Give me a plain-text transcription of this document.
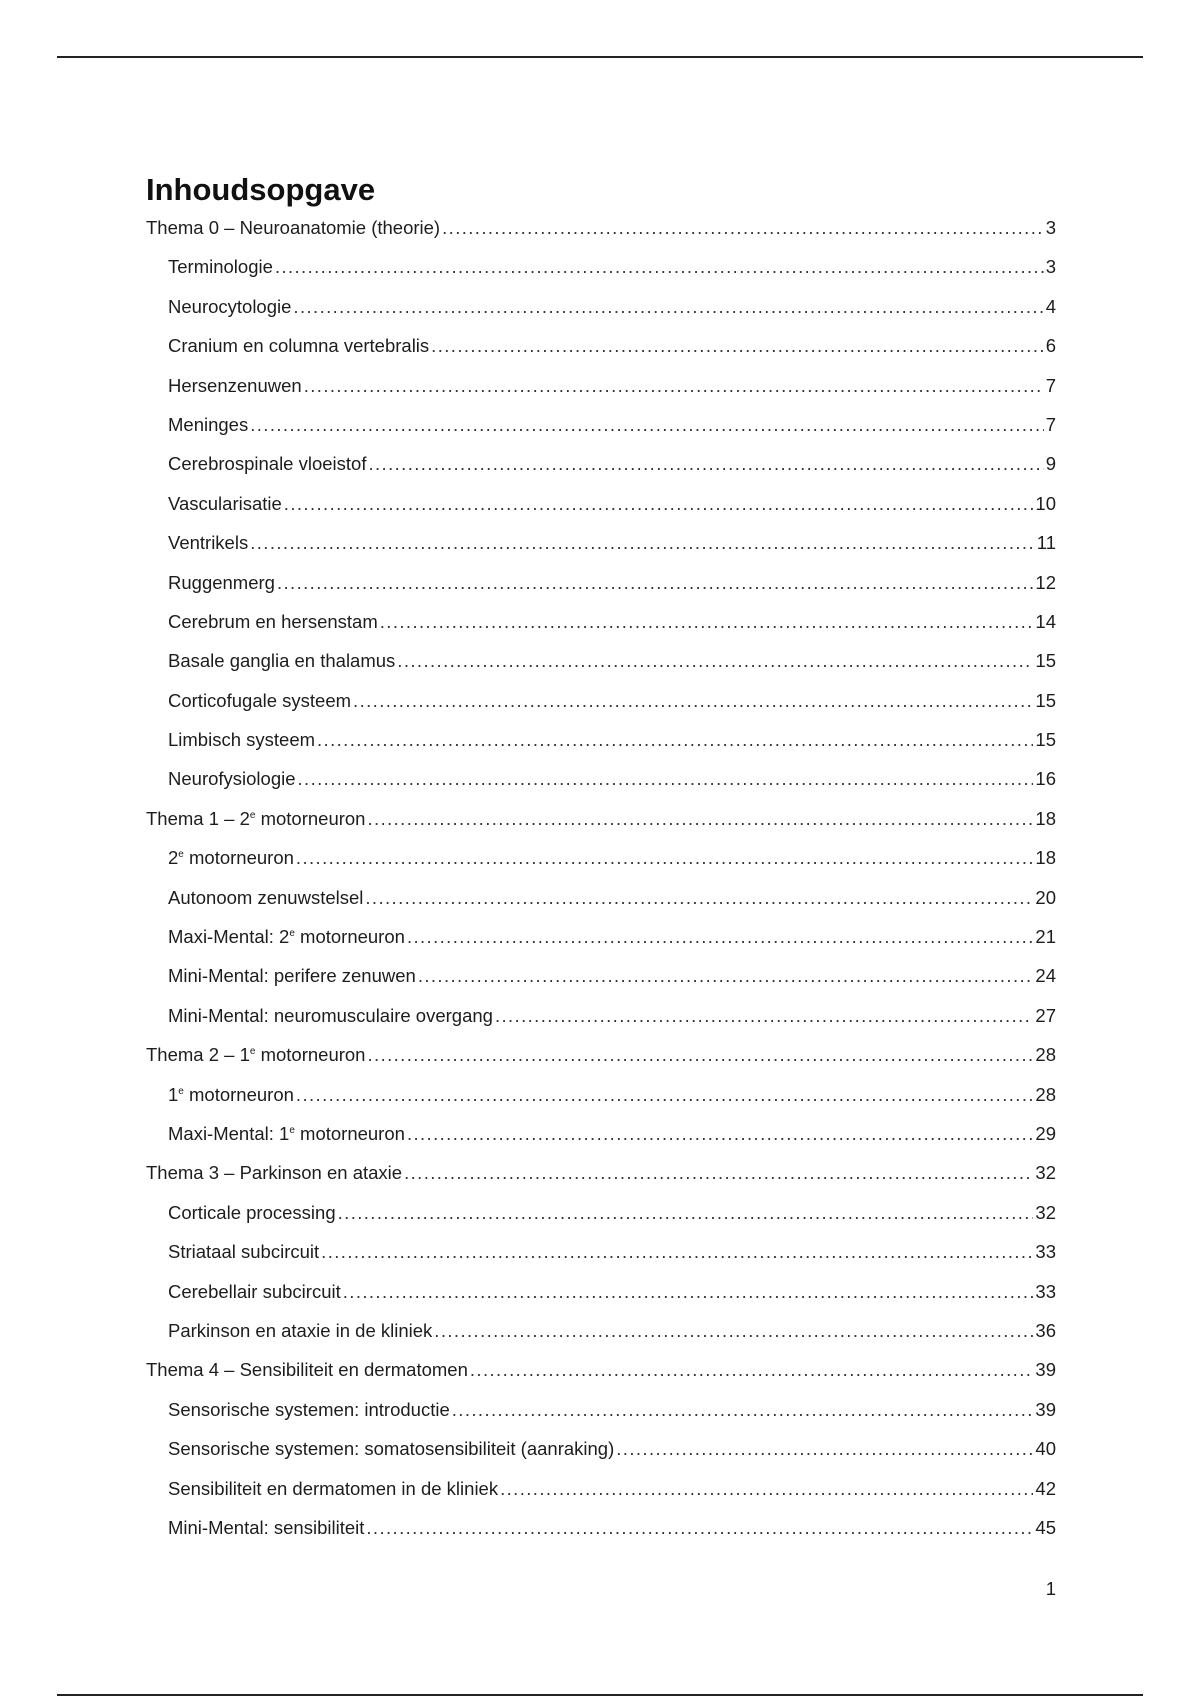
Inhoudsopgave
Thema 0 – Neuroanatomie (theorie) .....	3
Terminologie .....	3
Neurocytologie .....	4
Cranium en columna vertebralis .....	6
Hersenzenuwen .....	7
Meninges .....	7
Cerebrospinale vloeistof .....	9
Vascularisatie .....	10
Ventrikels .....	11
Ruggenmerg .....	12
Cerebrum en hersenstam .....	14
Basale ganglia en thalamus .....	15
Corticofugale systeem .....	15
Limbisch systeem .....	15
Neurofysiologie .....	16
Thema 1 – 2e motorneuron .....	18
2e motorneuron .....	18
Autonoom zenuwstelsel .....	20
Maxi-Mental: 2e motorneuron .....	21
Mini-Mental: perifere zenuwen .....	24
Mini-Mental: neuromusculaire overgang .....	27
Thema 2 – 1e motorneuron .....	28
1e motorneuron .....	28
Maxi-Mental: 1e motorneuron .....	29
Thema 3 – Parkinson en ataxie .....	32
Corticale processing .....	32
Striataal subcircuit .....	33
Cerebellair subcircuit .....	33
Parkinson en ataxie in de kliniek .....	36
Thema 4 – Sensibiliteit en dermatomen .....	39
Sensorische systemen: introductie .....	39
Sensorische systemen: somatosensibiliteit (aanraking) .....	40
Sensibiliteit en dermatomen in de kliniek .....	42
Mini-Mental: sensibiliteit .....	45
1
